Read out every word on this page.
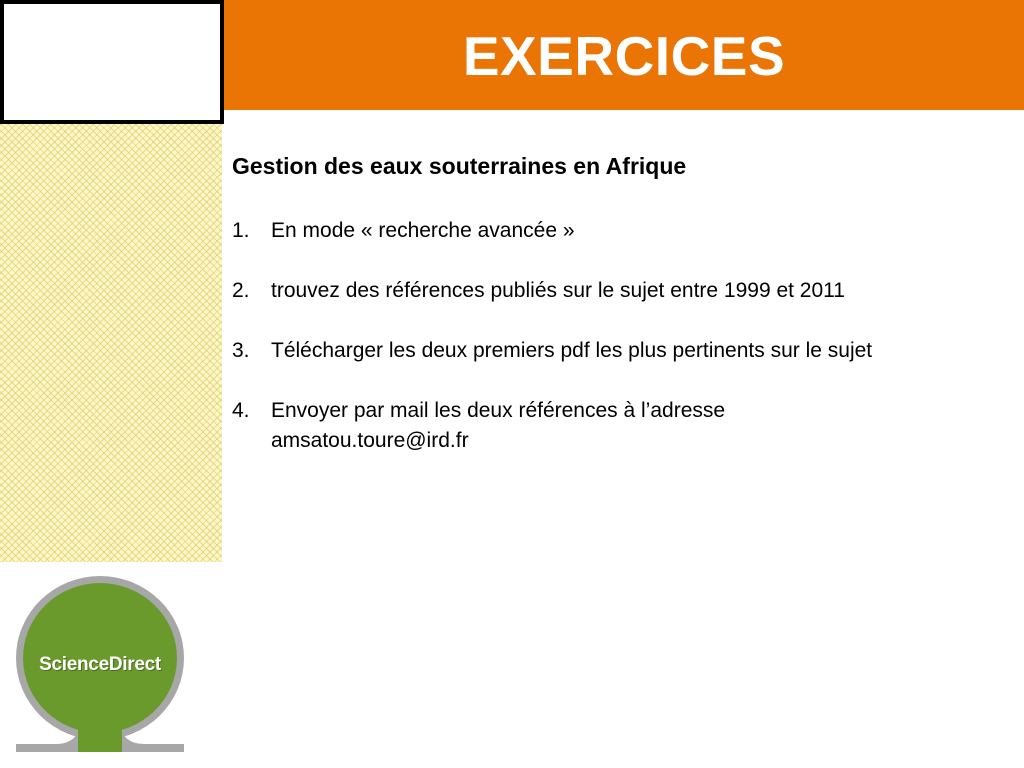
EXERCICES
Gestion des eaux souterraines en Afrique
1. En mode « recherche avancée »
2. trouvez des références publiés sur le sujet entre 1999 et 2011
3. Télécharger les deux premiers pdf les plus pertinents sur le sujet
4. Envoyer par mail les deux références à l’adresse
amsatou.toure@ird.fr
ScienceDirect
